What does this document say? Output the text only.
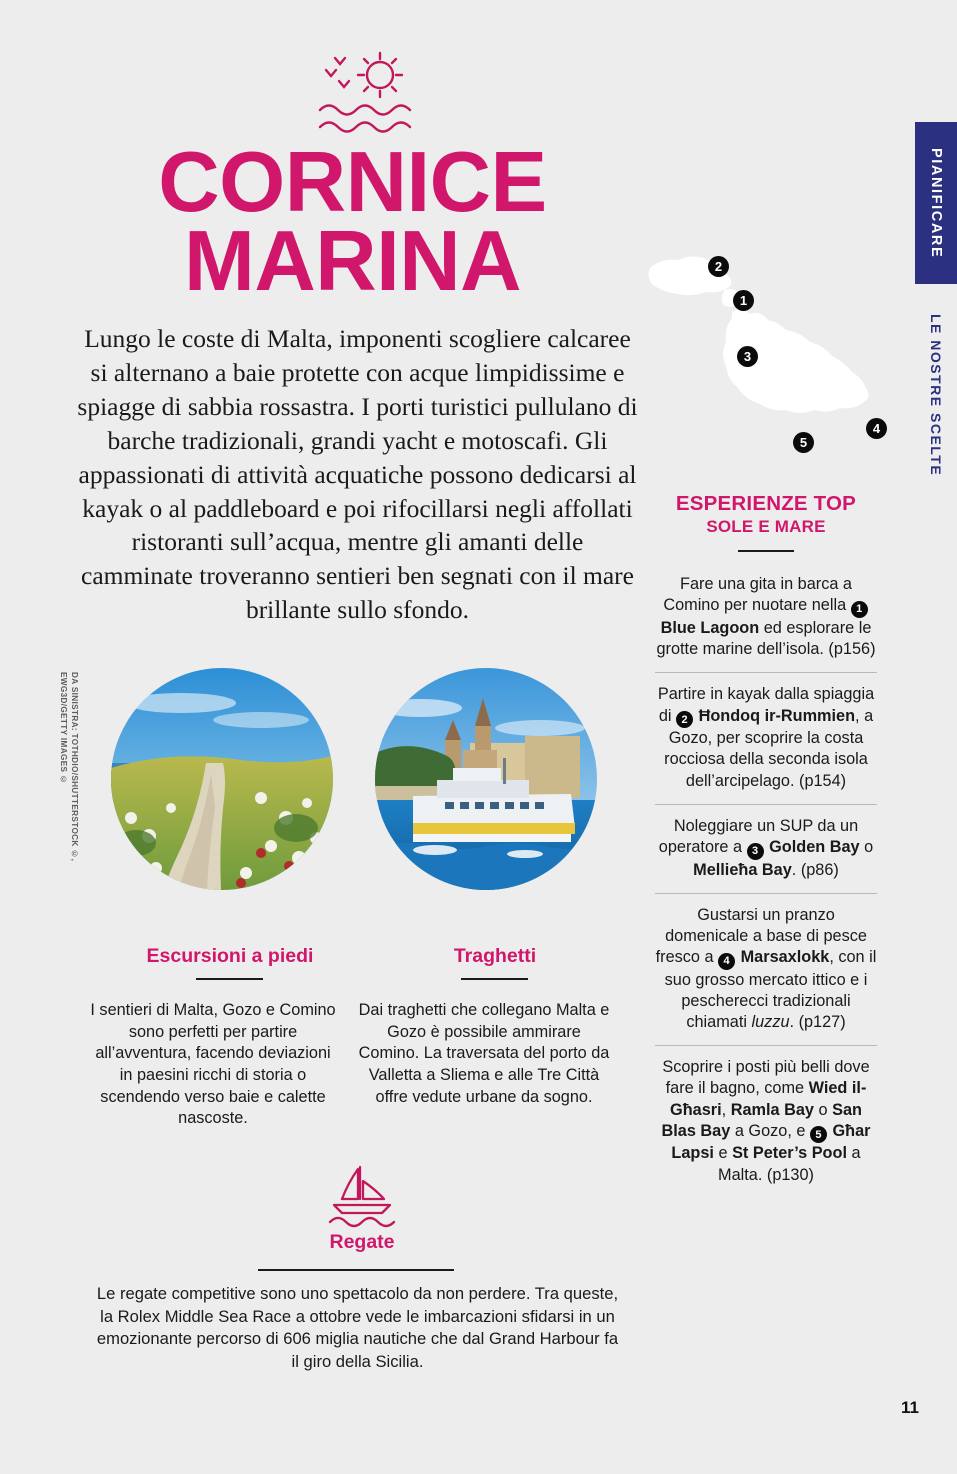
PIANIFICARE
LE NOSTRE SCELTE
DA SINISTRA: TOTHDIO/SHUTTERSTOCK ©, EWG3D/GETTY IMAGES ©
CORNICE
MARINA

Lungo le coste di Malta, imponenti scogliere calcaree si alternano a baie protette con acque limpidissime e spiagge di sabbia rossastra. I porti turistici pullulano di barche tradizionali, grandi yacht e motoscafi. Gli appassionati di attività acquatiche possono dedicarsi al kayak o al paddleboard e poi rifocillarsi negli affollati ristoranti sull’acqua, mentre gli amanti delle camminate troveranno sentieri ben segnati con il mare brillante sullo sfondo.

2
1
3
4
5
ESPERIENZE TOP
SOLE E MARE
Fare una gita in barca a Comino per nuotare nella 1 Blue Lagoon ed esplorare le grotte marine dell’isola. (p156)
Partire in kayak dalla spiaggia di 2 Ħondoq ir-Rummien, a Gozo, per scoprire la costa rocciosa della seconda isola dell’arcipelago. (p154)
Noleggiare un SUP da un operatore a 3 Golden Bay o Mellieħa Bay. (p86)
Gustarsi un pranzo domenicale a base di pesce fresco a 4 Marsaxlokk, con il suo grosso mercato ittico e i pescherecci tradizionali chiamati luzzu. (p127)
Scoprire i posti più belli dove fare il bagno, come Wied il-Għasri, Ramla Bay o San Blas Bay a Gozo, e 5 Għar Lapsi e St Peter’s Pool a Malta. (p130)
Escursioni a piedi
I sentieri di Malta, Gozo e Comino sono perfetti per partire all’avventura, facendo deviazioni in paesini ricchi di storia o scendendo verso baie e calette nascoste.
Traghetti
Dai traghetti che collegano Malta e Gozo è possibile ammirare Comino. La traversata del porto da Valletta a Sliema e alle Tre Città offre vedute urbane da sogno.
Regate
Le regate competitive sono uno spettacolo da non perdere. Tra queste, la Rolex Middle Sea Race a ottobre vede le imbarcazioni sfidarsi in un emozionante percorso di 606 miglia nautiche che dal Grand Harbour fa il giro della Sicilia.
11
